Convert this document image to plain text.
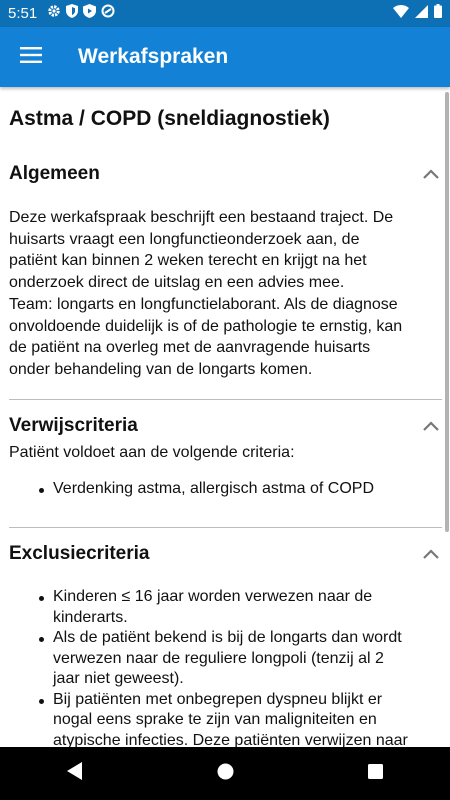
5:51
Werkafspraken
Astma / COPD (sneldiagnostiek)
Algemeen
Deze werkafspraak beschrijft een bestaand traject. De
huisarts vraagt een longfunctieonderzoek aan, de
patiënt kan binnen 2 weken terecht en krijgt na het
onderzoek direct de uitslag en een advies mee.
Team: longarts en longfunctielaborant. Als de diagnose
onvoldoende duidelijk is of de pathologie te ernstig, kan
de patiënt na overleg met de aanvragende huisarts
onder behandeling van de longarts komen.
Verwijscriteria
Patiënt voldoet aan de volgende criteria:
Verdenking astma, allergisch astma of COPD
Exclusiecriteria
Kinderen ≤ 16 jaar worden verwezen naar de
kinderarts.
Als de patiënt bekend is bij de longarts dan wordt
verwezen naar de reguliere longpoli (tenzij al 2
jaar niet geweest).
Bij patiënten met onbegrepen dyspneu blijkt er
nogal eens sprake te zijn van maligniteiten en
atypische infecties. Deze patiënten verwijzen naar
